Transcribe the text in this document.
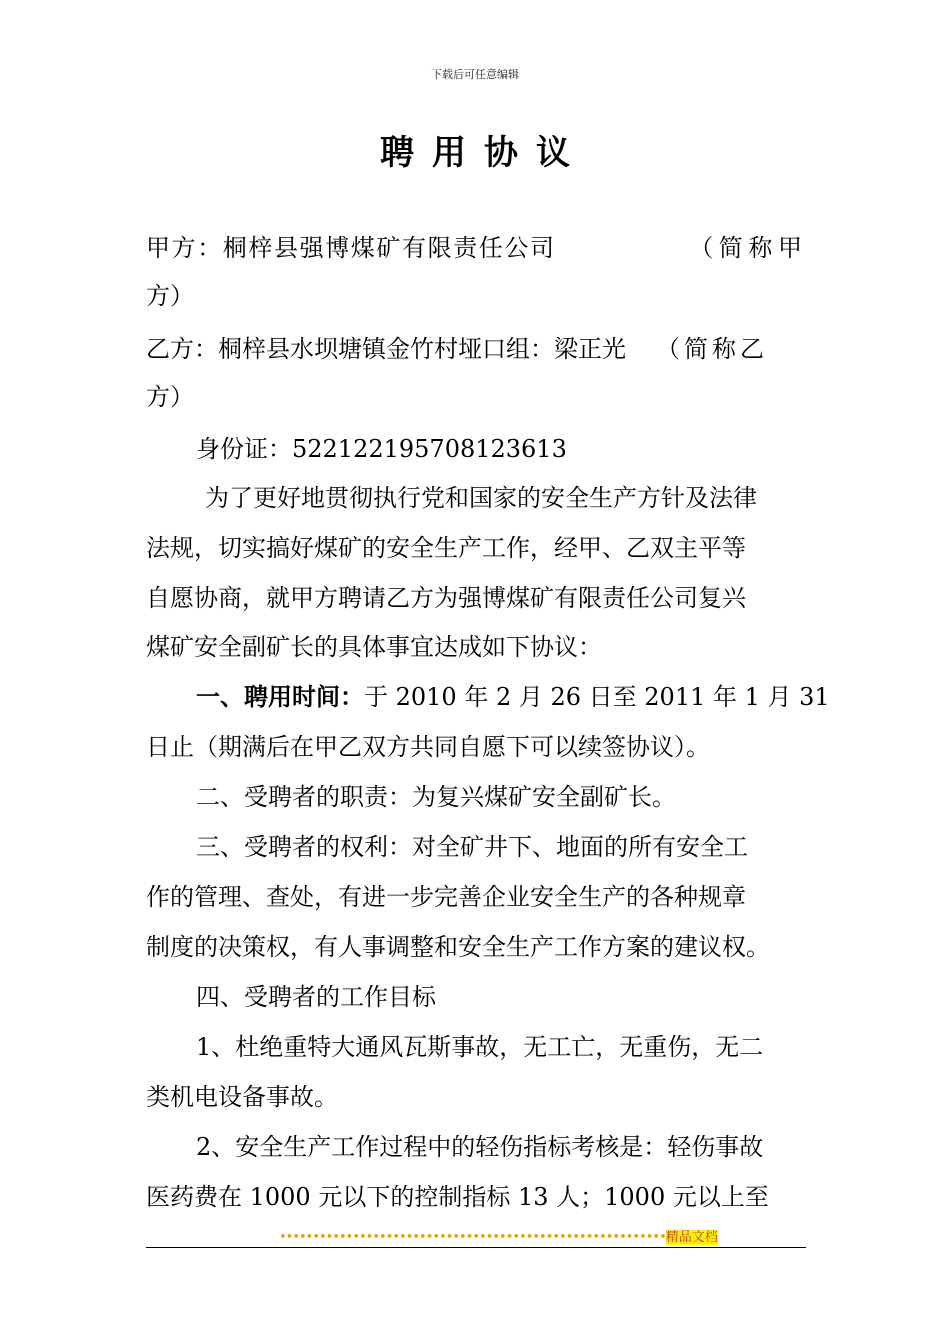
下载后可任意编辑
聘用协议
甲方：桐梓县强博煤矿有限责任公司	（简称甲
方）
乙方：桐梓县水坝塘镇金竹村垭口组：梁正光 （简称乙
方）
身份证：522122195708123613
为了更好地贯彻执行党和国家的安全生产方针及法律
法规，切实搞好煤矿的安全生产工作，经甲、乙双主平等
自愿协商，就甲方聘请乙方为强博煤矿有限责任公司复兴
煤矿安全副矿长的具体事宜达成如下协议：
一、聘用时间：于 2010 年 2 月 26 日至 2011 年 1 月 31
日止（期满后在甲乙双方共同自愿下可以续签协议）。
二、受聘者的职责：为复兴煤矿安全副矿长。
三、受聘者的权利：对全矿井下、地面的所有安全工
作的管理、查处，有进一步完善企业安全生产的各种规章
制度的决策权，有人事调整和安全生产工作方案的建议权。
四、受聘者的工作目标
1、杜绝重特大通风瓦斯事故，无工亡，无重伤，无二
类机电设备事故。
2、安全生产工作过程中的轻伤指标考核是：轻伤事故
医药费在 1000 元以下的控制指标 13 人；1000 元以上至
••••••••••••••••••••••••••••••••••••••••••••••••••••••••••精品文档
